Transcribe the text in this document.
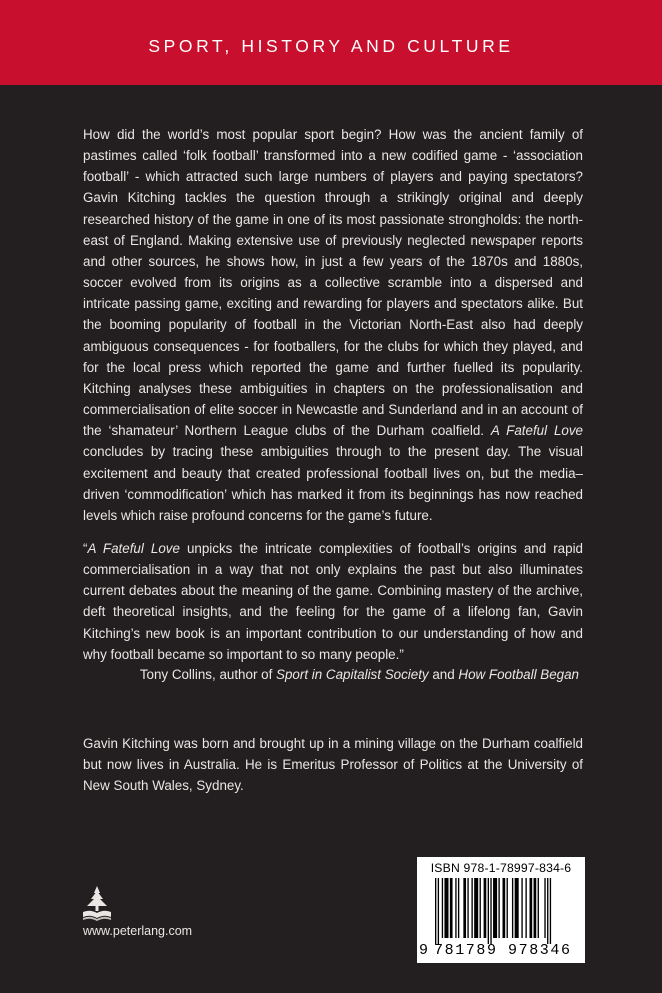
SPORT, HISTORY AND CULTURE

How did the world’s most popular sport begin? How was the ancient family of pastimes called ‘folk football’ transformed into a new codified game - ‘association football’ - which attracted such large numbers of players and paying spectators? Gavin Kitching tackles the question through a strikingly original and deeply researched history of the game in one of its most passionate strongholds: the north-east of England. Making extensive use of previously neglected newspaper reports and other sources, he shows how, in just a few years of the 1870s and 1880s, soccer evolved from its origins as a collective scramble into a dispersed and intricate passing game, exciting and rewarding for players and spectators alike. But the booming popularity of football in the Victorian North-East also had deeply ambiguous consequences - for footballers, for the clubs for which they played, and for the local press which reported the game and further fuelled its popularity. Kitching analyses these ambiguities in chapters on the professionalisation and commercialisation of elite soccer in Newcastle and Sunderland and in an account of the ‘shamateur’ Northern League clubs of the Durham coalfield. A Fateful Love concludes by tracing these ambiguities through to the present day. The visual excitement and beauty that created professional football lives on, but the media–driven ‘commodification’ which has marked it from its beginnings has now reached levels which raise profound concerns for the game’s future.

“A Fateful Love unpicks the intricate complexities of football’s origins and rapid commercialisation in a way that not only explains the past but also illuminates current debates about the meaning of the game. Combining mastery of the archive, deft theoretical insights, and the feeling for the game of a lifelong fan, Gavin Kitching’s new book is an important contribution to our understanding of how and why football became so important to so many people.”

Tony Collins, author of Sport in Capitalist Society and How Football Began

Gavin Kitching was born and brought up in a mining village on the Durham coalfield but now lives in Australia. He is Emeritus Professor of Politics at the University of New South Wales, Sydney.

www.peterlang.com
ISBN 978-1-78997-834-6
9 781789 978346
